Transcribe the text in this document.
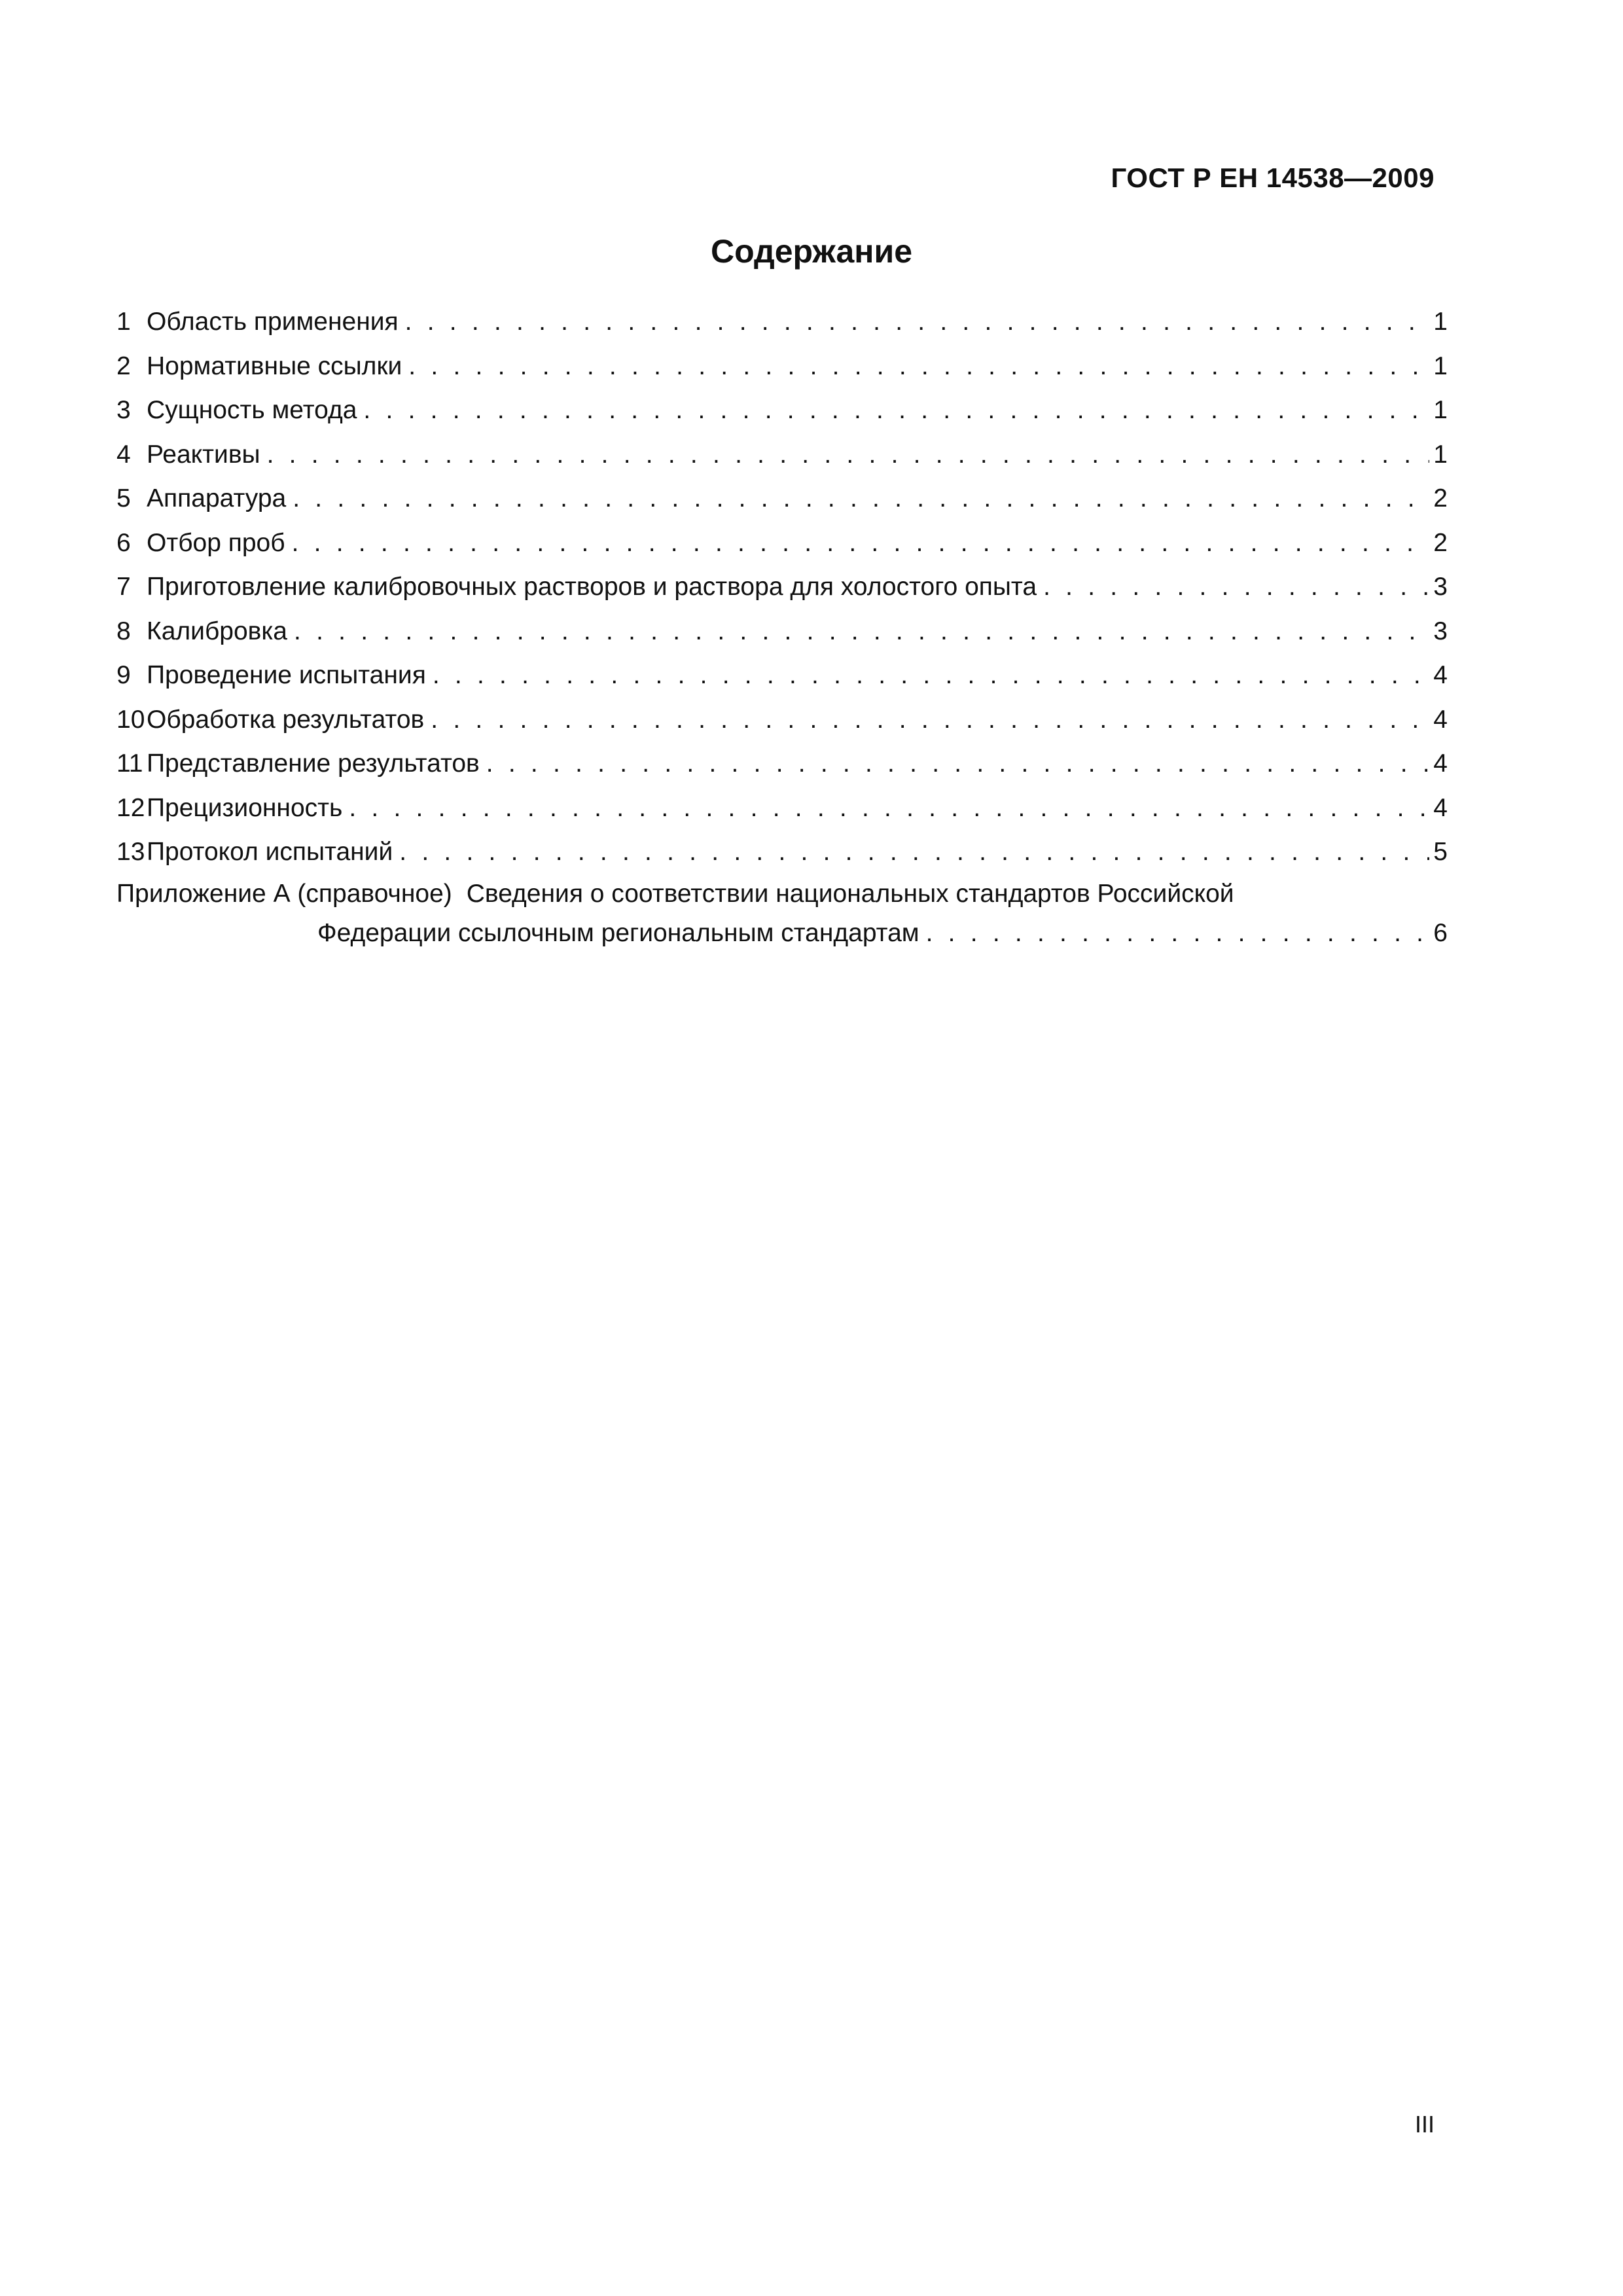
ГОСТ Р ЕН 14538—2009
Содержание
1 Область применения . . .	1
2 Нормативные ссылки . . .	1
3 Сущность метода . . .	1
4 Реактивы . . .	1
5 Аппаратура . . .	2
6 Отбор проб . . .	2
7 Приготовление калибровочных растворов и раствора для холостого опыта . . .	3
8 Калибровка . . .	3
9 Проведение испытания . . .	4
10 Обработка результатов . . .	4
11 Представление результатов . . .	4
12 Прецизионность . . .	4
13 Протокол испытаний . . .	5
Приложение А (справочное) Сведения о соответствии национальных стандартов Российской
Федерации ссылочным региональным стандартам . . .	6
III
